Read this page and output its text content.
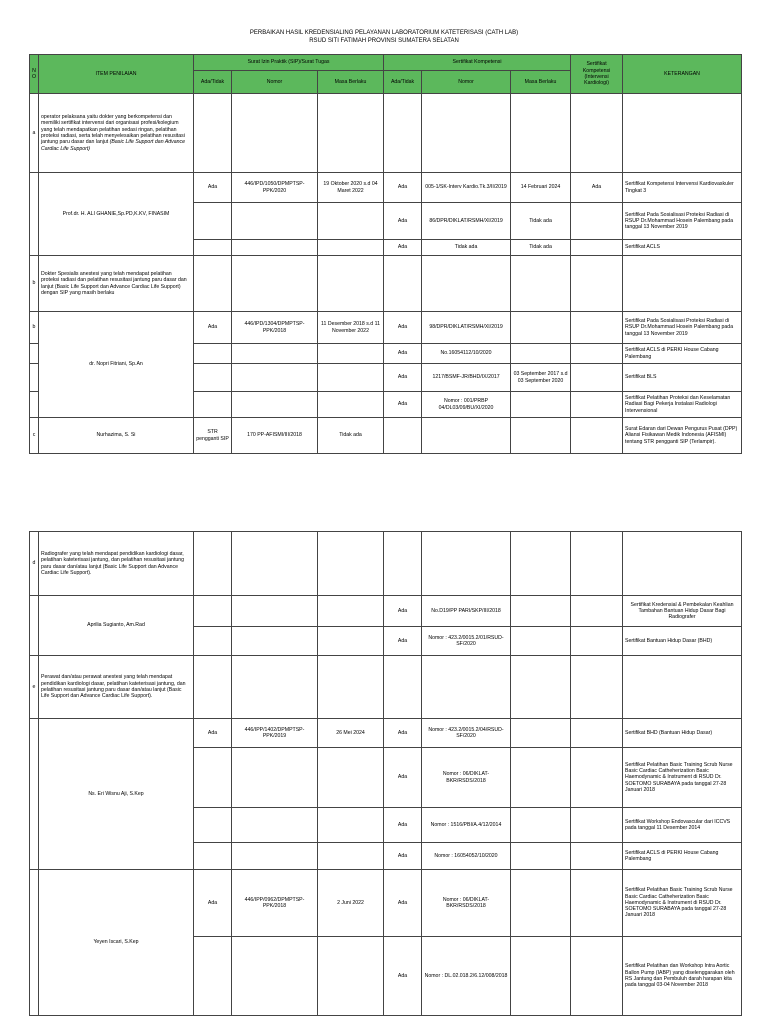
PERBAIKAN HASIL KREDENSIALING PELAYANAN LABORATORIUM KATETERISASI (CATH LAB)
RSUD SITI FATIMAH PROVINSI SUMATERA SELATAN
NO	ITEM PENILAIAN	Surat Izin Praktik (SIP)/Surat Tugas			Sertifikat Kompetensi			Sertifikat Kompetensi (Intervensi Kardiologi)	KETERANGAN
		Ada/Tidak	Nomor	Masa Berlaku	Ada/Tidak	Nomor	Masa Berlaku		
a	operator pelaksana yaitu dokter yang berkompetensi dan memiliki sertifikat intervensi dari organisasi profesi/kolegium yang telah mendapatkan pelatihan sedasi ringan, pelatihan proteksi radiasi, serta telah menyelesaikan pelatihan resusitasi jantung paru dasar dan lanjut (Basic Life Support dan Advance Cardiac Life Support)								
	Prof.dr. H. ALI GHANIE,Sp.PD,K.KV, FINASIM	Ada	446/IPD/1050/DPMPTSP-PPK/2020	19 Oktober 2020 s.d 04 Maret 2022	Ada	005-1/SK-Interv Kardio.Tk.3/II/2019	14 Februari 2024	Ada	Sertifikat Kompetensi Intervensi Kardiovaskuler Tingkat 3
					Ada	86/DPR/DIKLAT/RSMH/XI/2019	Tidak ada		Sertifikat Pada Sosialisasi Proteksi Radiasi di RSUP Dr.Mohammad Hosein Palembang pada tanggal 13 November 2019
					Ada	Tidak ada	Tidak ada		Sertifikat ACLS
b	Dokter Spesialis anestesi yang telah mendapat pelatihan proteksi radiasi dan pelatihan resusitasi jantung paru dasar dan lanjut (Basic Life Support dan Advance Cardiac Life Support) dengan SIP yang masih berlaku								
b	dr. Nopri Fitriani, Sp.An	Ada	446/IPD/1304/DPMPTSP-PPK/2018	11 Desember 2018 s.d 11 November 2022	Ada	98/DPR/DIKLAT/RSMH/XI/2019			Sertifikat Pada Sosialisasi Proteksi Radiasi di RSUP Dr.Mohammad Hosein Palembang pada tanggal 13 November 2019
					Ada	No.16054112/10/2020			Sertifikat ACLS di PERKI House Cabang Palembang
					Ada	1217/BSMF-JR/BHD/IX/2017	03 September 2017 s.d 03 September 2020		Sertifikat BLS
					Ada	Nomor : 001/PRBP 04/DL03/09/BU/XI/2020			Sertifikat Pelatihan Proteksi dan Keselamatan Radiasi Bagi Pekerja Instalasi Radiologi Intervensional
c	Nurhazima, S. Si	STR pengganti SIP	170 PP-AFISMI/III/2018	Tidak ada					Surat Edaran dari Dewan Pengurus Pusat (DPP) Aliansi Fisikawan Medik Indonesia (AFISMI) tentang STR pengganti SIP (Terlampir).
d	Radiografer yang telah mendapat pendidikan kardiologi dasar, pelatihan kateterisasi jantung, dan pelatihan resusitasi jantung paru dasar dan/atau lanjut (Basic Life Support dan Advance Cardiac Life Support).								
	Aprilia Sugianto, Am.Rad				Ada	No.D19/PP PARI/SKP/III/2018			Sertifikat Kredensial & Pembekalan Keahlian Tambahan Bantuan Hidup Dasar Bagi Radiografer
					Ada	Nomor : 423.2/0015.2/01/RSUD-SF/2020			Sertifikat Bantuan Hidup Dasar (BHD)
e	Perawat dan/atau perawat anestesi yang telah mendapat pendidikan kardiologi dasar, pelatihan kateterisasi jantung, dan pelatihan resusitasi jantung paru dasar dan/atau lanjut (Basic Life Support dan Advance Cardiac Life Support).								
	Ns. Eri Wisnu Aji, S.Kep	Ada	446/IPP/1402/DPMPTSP-PPK/2019	26 Mei 2024	Ada	Nomor : 423.2/0015.2/04/RSUD-SF/2020			Sertifikat BHD (Bantuan Hidup Dasar)
					Ada	Nomor : 06/DIKLAT-BKR/RSDS/2018			Sertifikat Pelatihan Basic Training Scrub Nurse Basic Cardiac Catheherization Basic Haemodynamic & Instrument di RSUD Dr. SOETOMO SURABAYA pada tanggal 27-28 Januari 2018
					Ada	Nomor : 1516/PBI/A.4/12/2014			Sertifikat Workshop Endovascular dari ICCVS pada tanggal 11 Desember 2014
					Ada	Nomor : 16054052/10/2020			Sertifikat ACLS di PERKI House Cabang Palembang
	Yeyen Iscari, S.Kep	Ada	446/IPP/0962/DPMPTSP-PPK/2018	2 Juni 2022	Ada	Nomor : 06/DIKLAT-BKR/RSDS/2018			Sertifikat Pelatihan Basic Training Scrub Nurse Basic Cardiac Catheherization Basic Haemodynamic & Instrument di RSUD Dr. SOETOMO SURABAYA pada tanggal 27-28 Januari 2018
					Ada	Nomor : DL.02.018.2/6.12/008/2018			Sertifikat Pelatihan dan Workshop Intra Aortic Ballon Pump (IABP) yang diselenggarakan oleh RS Jantung dan Pembuluh darah harapan kita pada tanggal 03-04 November 2018
